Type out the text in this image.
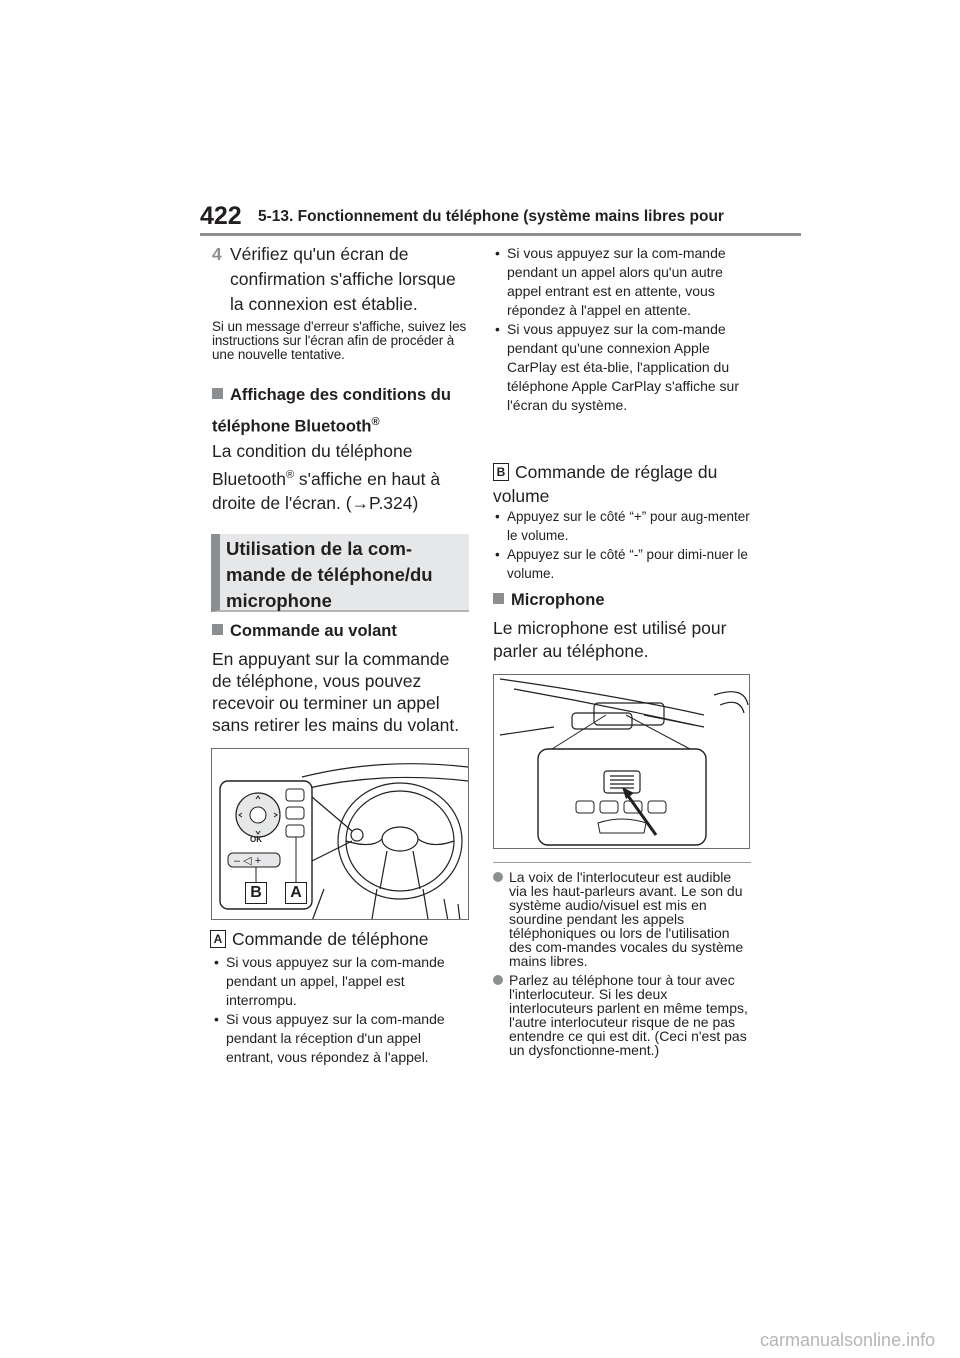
422 5-13. Fonctionnement du téléphone (système mains libres pour
4 Vérifiez qu'un écran de confirmation s'affiche lorsque la connexion est établie.
Si un message d'erreur s'affiche, suivez les instructions sur l'écran afin de procéder à une nouvelle tentative.
Affichage des conditions du téléphone Bluetooth®
La condition du téléphone Bluetooth® s'affiche en haut à droite de l'écran. (→P.324)
Utilisation de la com-mande de téléphone/du microphone
Commande au volant
En appuyant sur la commande de téléphone, vous pouvez recevoir ou terminer un appel sans retirer les mains du volant.
– ◁ +
OK
B	A
A Commande de téléphone
• Si vous appuyez sur la com-mande pendant un appel, l'appel est interrompu.
• Si vous appuyez sur la com-mande pendant la réception d'un appel entrant, vous répondez à l'appel.
• Si vous appuyez sur la com-mande pendant un appel alors qu'un autre appel entrant est en attente, vous répondez à l'appel en attente.
• Si vous appuyez sur la com-mande pendant qu'une connexion Apple CarPlay est éta-blie, l'application du téléphone Apple CarPlay s'affiche sur l'écran du système.
B Commande de réglage du volume
• Appuyez sur le côté “+” pour aug-menter le volume.
• Appuyez sur le côté “-” pour dimi-nuer le volume.
Microphone
Le microphone est utilisé pour parler au téléphone.
La voix de l'interlocuteur est audible via les haut-parleurs avant. Le son du système audio/visuel est mis en sourdine pendant les appels téléphoniques ou lors de l'utilisation des com-mandes vocales du système mains libres.
Parlez au téléphone tour à tour avec l'interlocuteur. Si les deux interlocuteurs parlent en même temps, l'autre interlocuteur risque de ne pas entendre ce qui est dit. (Ceci n'est pas un dysfonctionne-ment.)
carmanualsonline.info
